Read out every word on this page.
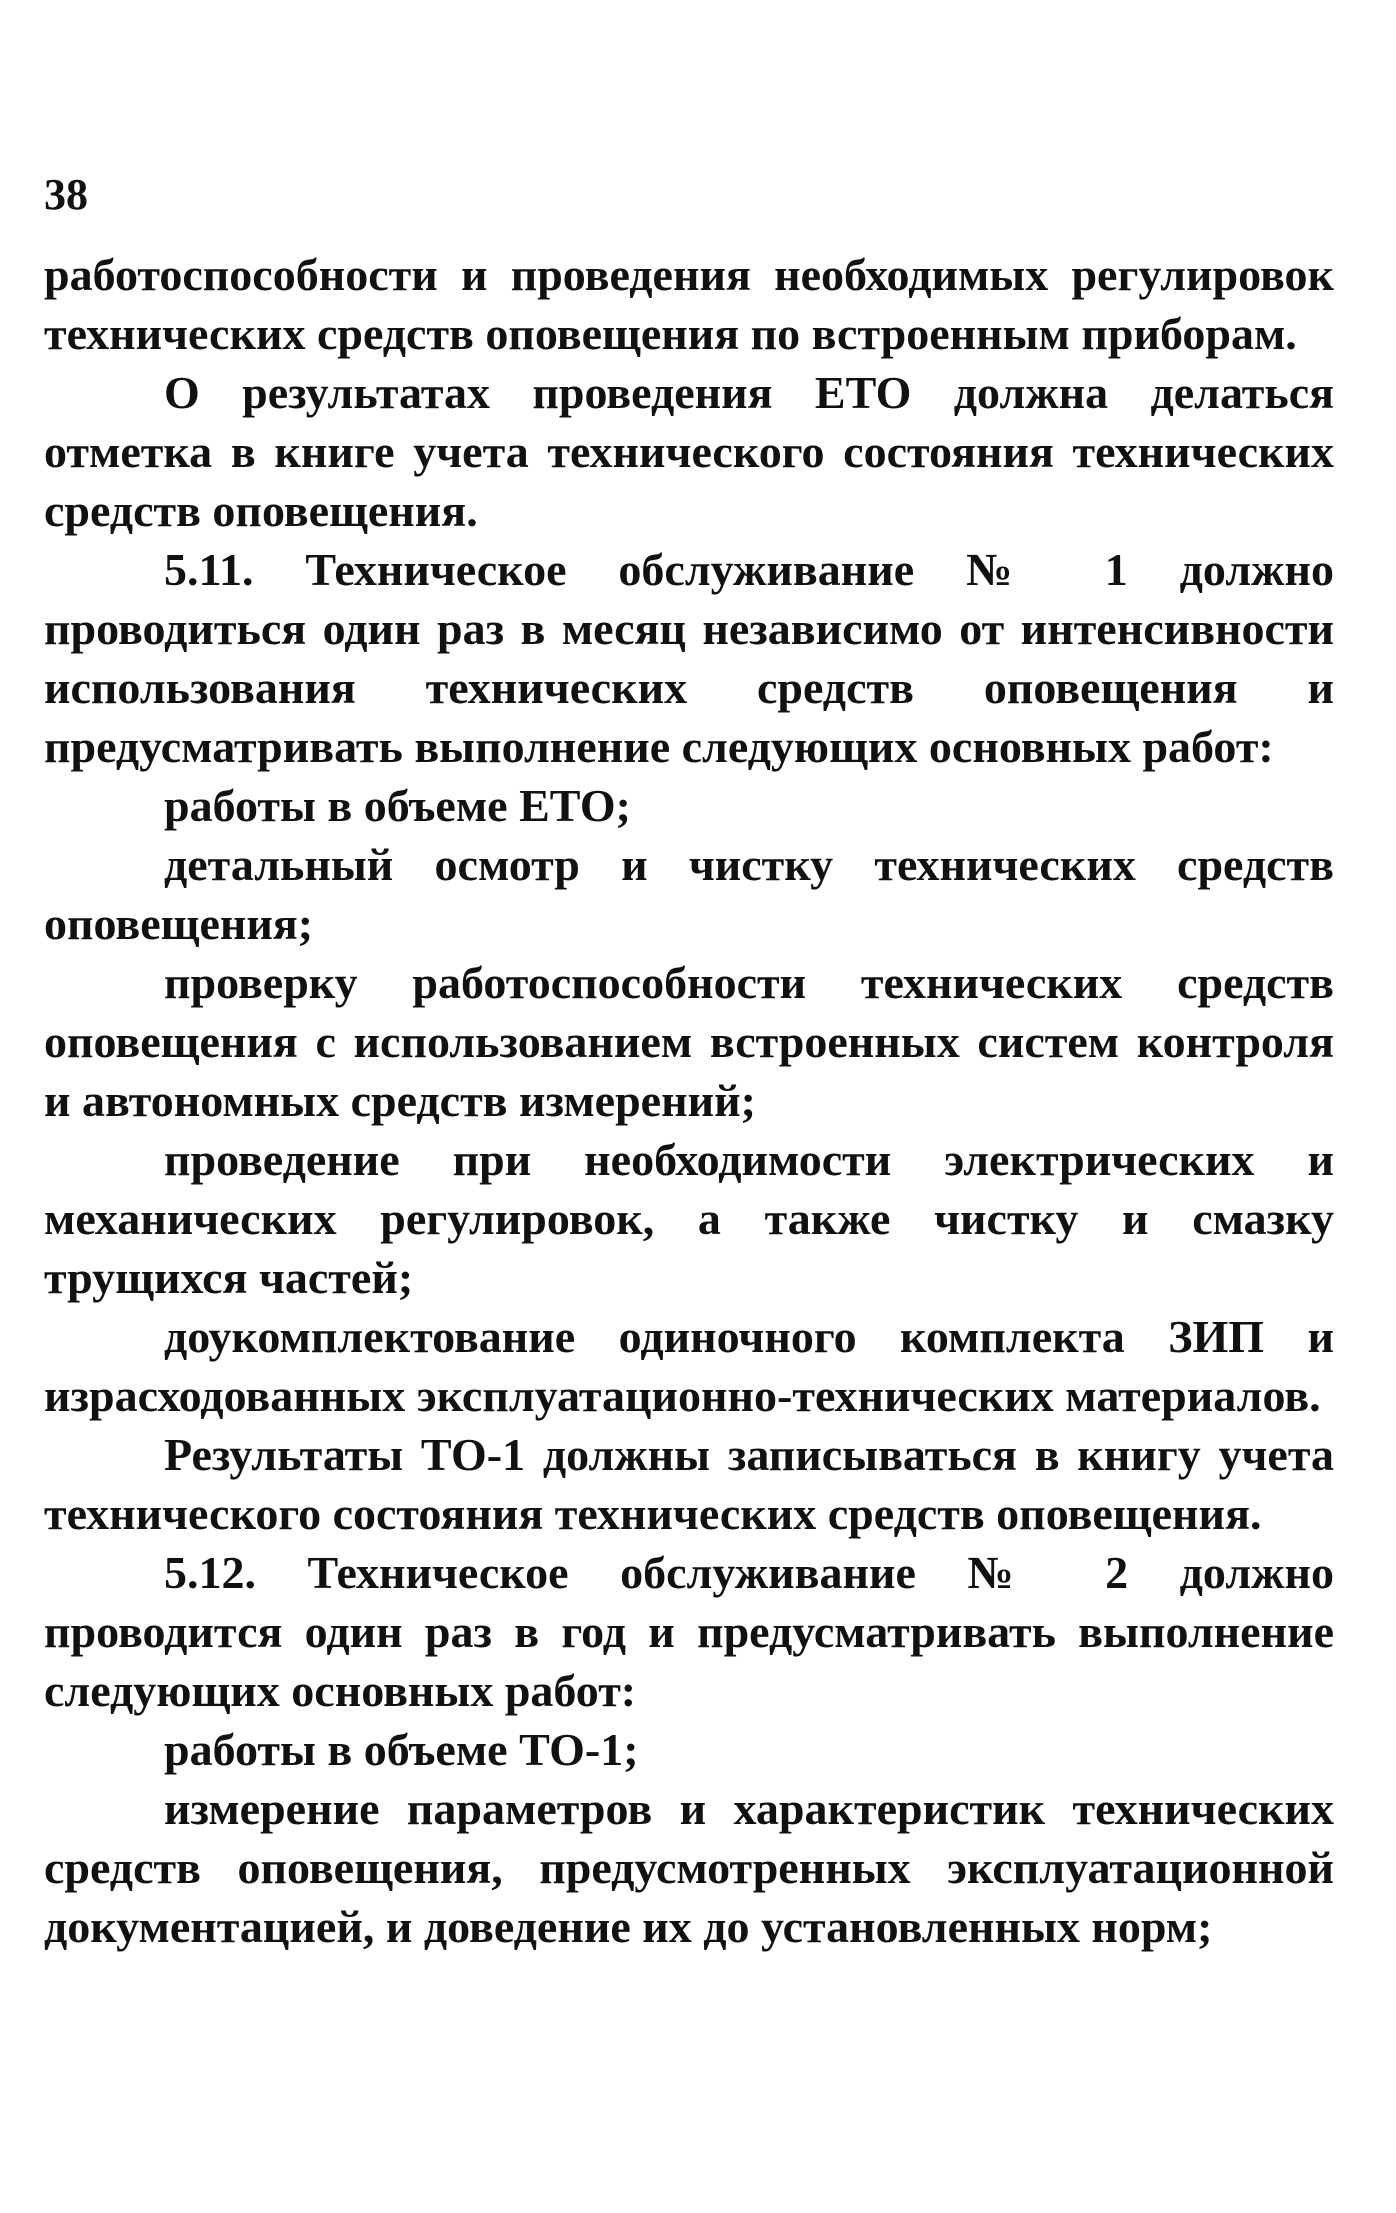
38

работоспособности и проведения необходимых регулировок технических средств оповещения по встроенным приборам.

О результатах проведения ЕТО должна делаться отметка в книге учета технического состояния технических средств оповещения.

5.11. Техническое обслуживание № 1 должно проводиться один раз в месяц независимо от интенсивности использования технических средств оповещения и предусматривать выполнение следующих основных работ:

работы в объеме ЕТО;

детальный осмотр и чистку технических средств оповещения;

проверку работоспособности технических средств оповещения с использованием встроенных систем контроля и автономных средств измерений;

проведение при необходимости электрических и механических регулировок, а также чистку и смазку трущихся частей;

доукомплектование одиночного комплекта ЗИП и израсходованных эксплуатационно-технических материалов.

Результаты ТО-1 должны записываться в книгу учета технического состояния технических средств оповещения.

5.12. Техническое обслуживание № 2 должно проводится один раз в год и предусматривать выполнение следующих основных работ:

работы в объеме ТО-1;

измерение параметров и характеристик технических средств оповещения, предусмотренных эксплуатационной документацией, и доведение их до установленных норм;
